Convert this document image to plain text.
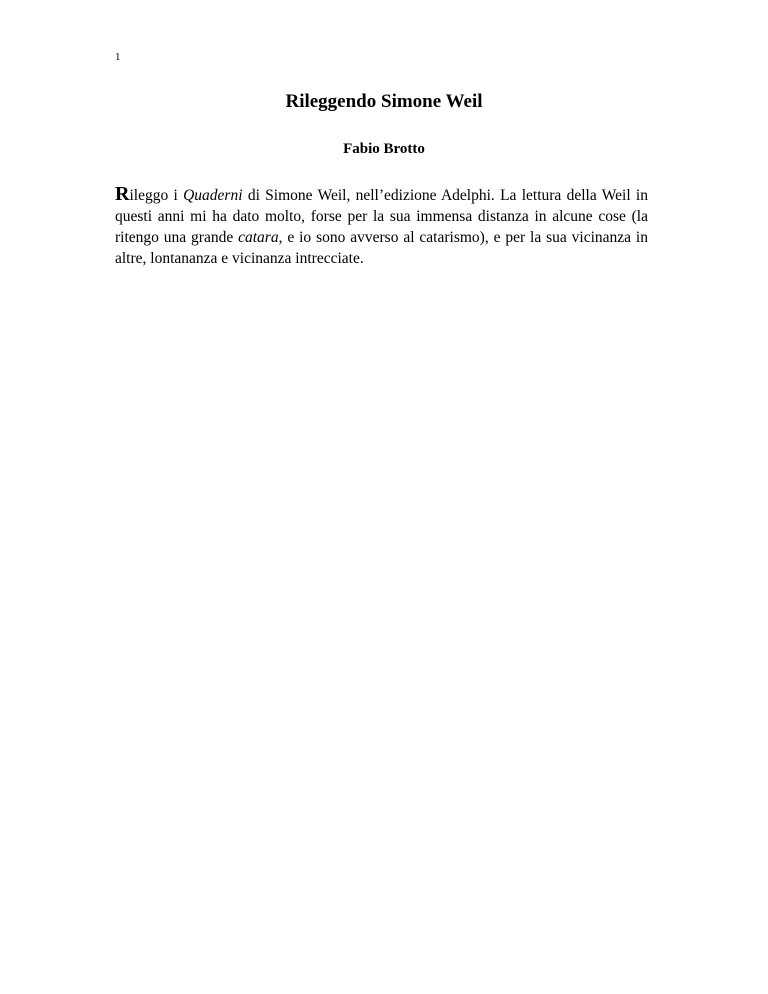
1
Rileggendo Simone Weil
Fabio Brotto

Rileggo i Quaderni di Simone Weil, nell’edizione Adelphi. La lettura della Weil in questi anni mi ha dato molto, forse per la sua immensa distanza in alcune cose (la ritengo una grande catara, e io sono avverso al catarismo), e per la sua vicinanza in altre, lontananza e vicinanza intrecciate.
